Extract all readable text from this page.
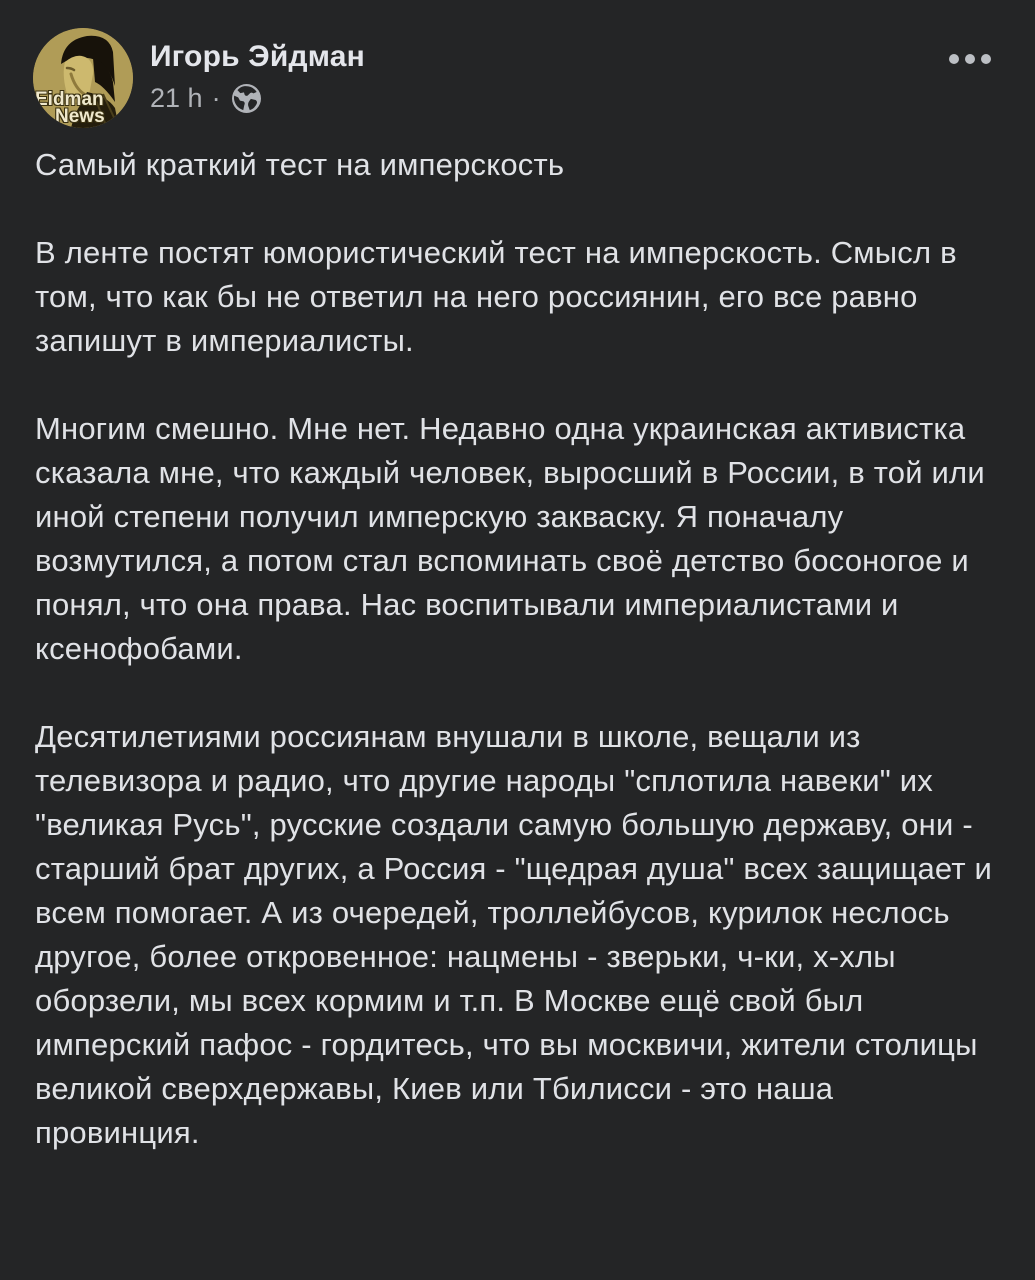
Eidman
News
Игорь Эйдман
21 h ·

Самый краткий тест на имперскость

В ленте постят юмористический тест на имперскость. Смысл в том, что как бы не ответил на него россиянин, его все равно запишут в империалисты.

Многим смешно. Мне нет. Недавно одна украинская активистка сказала мне, что каждый человек, выросший в России, в той или иной степени получил имперскую закваску. Я поначалу возмутился, а потом стал вспоминать своё детство босоногое и понял, что она права. Нас воспитывали империалистами и ксенофобами.

Десятилетиями россиянам внушали в школе, вещали из телевизора и радио, что другие народы "сплотила навеки" их "великая Русь", русские создали самую большую державу, они - старший брат других, а Россия - "щедрая душа" всех защищает и всем помогает. А из очередей, троллейбусов, курилок неслось другое, более откровенное: нацмены - зверьки, ч-ки, х-хлы оборзели, мы всех кормим и т.п. В Москве ещё свой был имперский пафос - гордитесь, что вы москвичи, жители столицы великой сверхдержавы, Киев или Тбилисси - это наша провинция.
